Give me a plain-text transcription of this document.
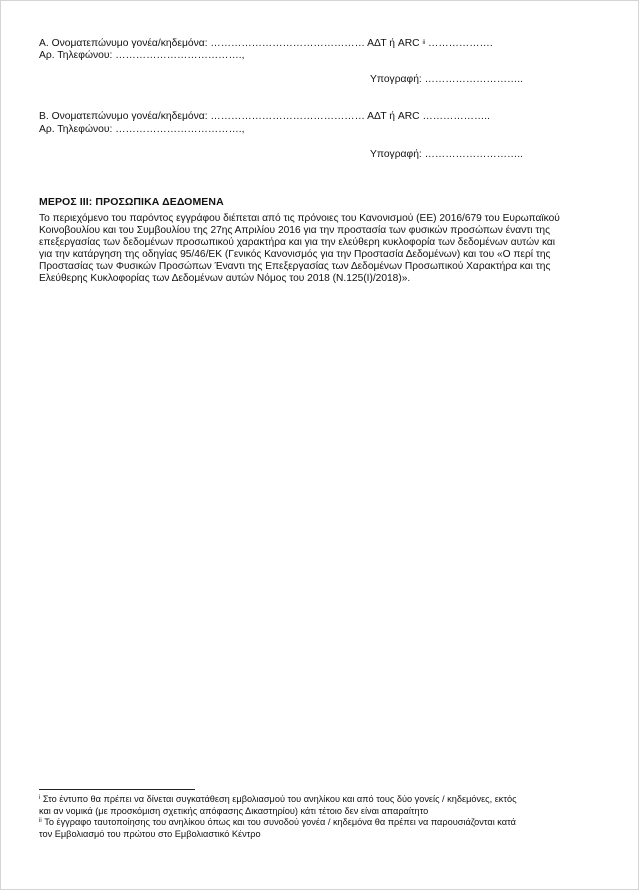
Α. Ονοματεπώνυμο γονέα/κηδεμόνα: ……………………………………… ΑΔΤ ή ARC $^{ii}$ ……………….
Αρ. Τηλεφώνου: ……………………………….,
Υπογραφή: ………………………..
Β. Ονοματεπώνυμο γονέα/κηδεμόνα: ……………………………………… ΑΔΤ ή ARC ………………..
Αρ. Τηλεφώνου: ……………………………….,
Υπογραφή: ………………………..
ΜΕΡΟΣ ΙΙΙ: ΠΡΟΣΩΠΙΚΑ ΔΕΔΟΜΕΝΑ
Το περιεχόμενο του παρόντος εγγράφου διέπεται από τις πρόνοιες του Κανονισμού (ΕΕ) 2016/679 του Ευρωπαϊκού
Κοινοβουλίου και του Συμβουλίου της 27ης Απριλίου 2016 για την προστασία των φυσικών προσώπων έναντι της
επεξεργασίας των δεδομένων προσωπικού χαρακτήρα και για την ελεύθερη κυκλοφορία των δεδομένων αυτών και
για την κατάργηση της οδηγίας 95/46/ΕΚ (Γενικός Κανονισμός για την Προστασία Δεδομένων) και του «Ο περί της
Προστασίας των Φυσικών Προσώπων Έναντι της Επεξεργασίας των Δεδομένων Προσωπικού Χαρακτήρα και της
Ελεύθερης Κυκλοφορίας των Δεδομένων αυτών Νόμος του 2018 (Ν.125(Ι)/2018)».
$^i$ Στο έντυπο θα πρέπει να δίνεται συγκατάθεση εμβολιασμού του ανηλίκου και από τους δύο γονείς / κηδεμόνες, εκτός
και αν νομικά (με προσκόμιση σχετικής απόφασης Δικαστηρίου) κάτι τέτοιο δεν είναι απαραίτητο
$^{ii}$ Το έγγραφο ταυτοποίησης του ανηλίκου όπως και του συνοδού γονέα / κηδεμόνα θα πρέπει να παρουσιάζονται κατά
τον Εμβολιασμό του πρώτου στο Εμβολιαστικό Κέντρο
